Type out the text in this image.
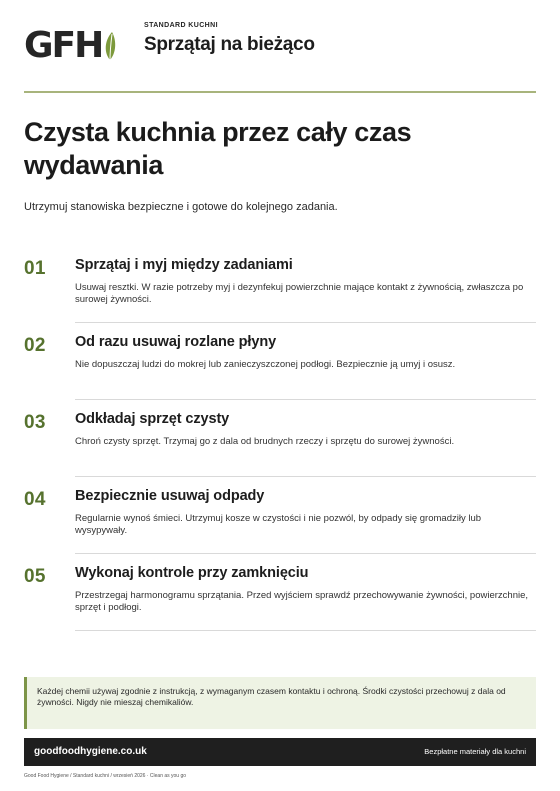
GFH	STANDARD KUCHNI
Sprzątaj na bieżąco
Czysta kuchnia przez cały czas wydawania

Utrzymuj stanowiska bezpieczne i gotowe do kolejnego zadania.

01 Sprzątaj i myj między zadaniami

Usuwaj resztki. W razie potrzeby myj i dezynfekuj powierzchnie mające kontakt z żywnością, zwłaszcza po surowej żywności.

02 Od razu usuwaj rozlane płyny

Nie dopuszczaj ludzi do mokrej lub zanieczyszczonej podłogi. Bezpiecznie ją umyj i osusz.

03 Odkładaj sprzęt czysty

Chroń czysty sprzęt. Trzymaj go z dala od brudnych rzeczy i sprzętu do surowej żywności.

04 Bezpiecznie usuwaj odpady

Regularnie wynoś śmieci. Utrzymuj kosze w czystości i nie pozwól, by odpady się gromadziły lub wysypywały.

05 Wykonaj kontrole przy zamknięciu

Przestrzegaj harmonogramu sprzątania. Przed wyjściem sprawdź przechowywanie żywności, powierzchnie, sprzęt i podłogi.

Każdej chemii używaj zgodnie z instrukcją, z wymaganym czasem kontaktu i ochroną. Środki czystości przechowuj z dala od żywności. Nigdy nie mieszaj chemikaliów.

goodfoodhygiene.co.uk	Bezpłatne materiały dla kuchni
Good Food Hygiene / Standard kuchni / wrzesień 2026 · Clean as you go
